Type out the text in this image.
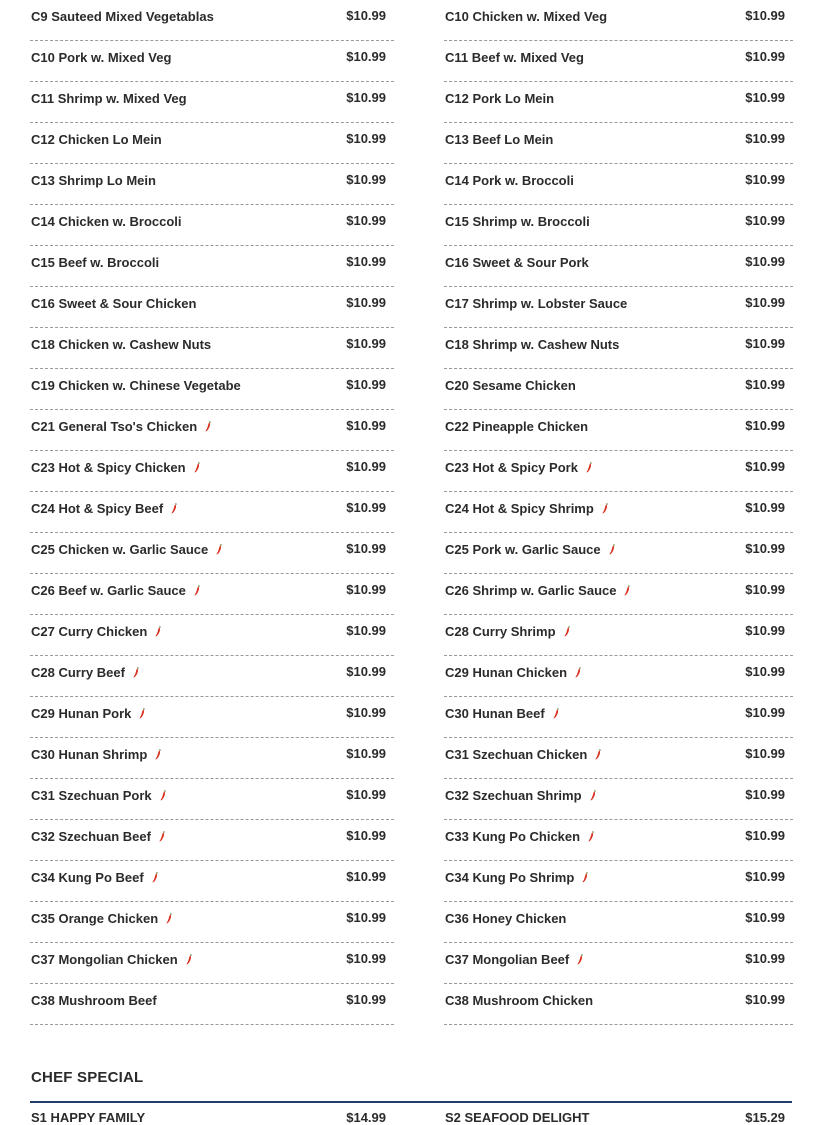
C9 Sauteed Mixed Vegetablas	$10.99
C10 Pork w. Mixed Veg	$10.99
C11 Shrimp w. Mixed Veg	$10.99
C12 Chicken Lo Mein	$10.99
C13 Shrimp Lo Mein	$10.99
C14 Chicken w. Broccoli	$10.99
C15 Beef w. Broccoli	$10.99
C16 Sweet & Sour Chicken	$10.99
C18 Chicken w. Cashew Nuts	$10.99
C19 Chicken w. Chinese Vegetabe	$10.99
C21 General Tso's Chicken	$10.99
C23 Hot & Spicy Chicken	$10.99
C24 Hot & Spicy Beef	$10.99
C25 Chicken w. Garlic Sauce	$10.99
C26 Beef w. Garlic Sauce	$10.99
C27 Curry Chicken	$10.99
C28 Curry Beef	$10.99
C29 Hunan Pork	$10.99
C30 Hunan Shrimp	$10.99
C31 Szechuan Pork	$10.99
C32 Szechuan Beef	$10.99
C34 Kung Po Beef	$10.99
C35 Orange Chicken	$10.99
C37 Mongolian Chicken	$10.99
C38 Mushroom Beef	$10.99
C10 Chicken w. Mixed Veg	$10.99
C11 Beef w. Mixed Veg	$10.99
C12 Pork Lo Mein	$10.99
C13 Beef Lo Mein	$10.99
C14 Pork w. Broccoli	$10.99
C15 Shrimp w. Broccoli	$10.99
C16 Sweet & Sour Pork	$10.99
C17 Shrimp w. Lobster Sauce	$10.99
C18 Shrimp w. Cashew Nuts	$10.99
C20 Sesame Chicken	$10.99
C22 Pineapple Chicken	$10.99
C23 Hot & Spicy Pork	$10.99
C24 Hot & Spicy Shrimp	$10.99
C25 Pork w. Garlic Sauce	$10.99
C26 Shrimp w. Garlic Sauce	$10.99
C28 Curry Shrimp	$10.99
C29 Hunan Chicken	$10.99
C30 Hunan Beef	$10.99
C31 Szechuan Chicken	$10.99
C32 Szechuan Shrimp	$10.99
C33 Kung Po Chicken	$10.99
C34 Kung Po Shrimp	$10.99
C36 Honey Chicken	$10.99
C37 Mongolian Beef	$10.99
C38 Mushroom Chicken	$10.99
CHEF SPECIAL
S1 HAPPY FAMILY	$14.99	S2 SEAFOOD DELIGHT	$15.29
